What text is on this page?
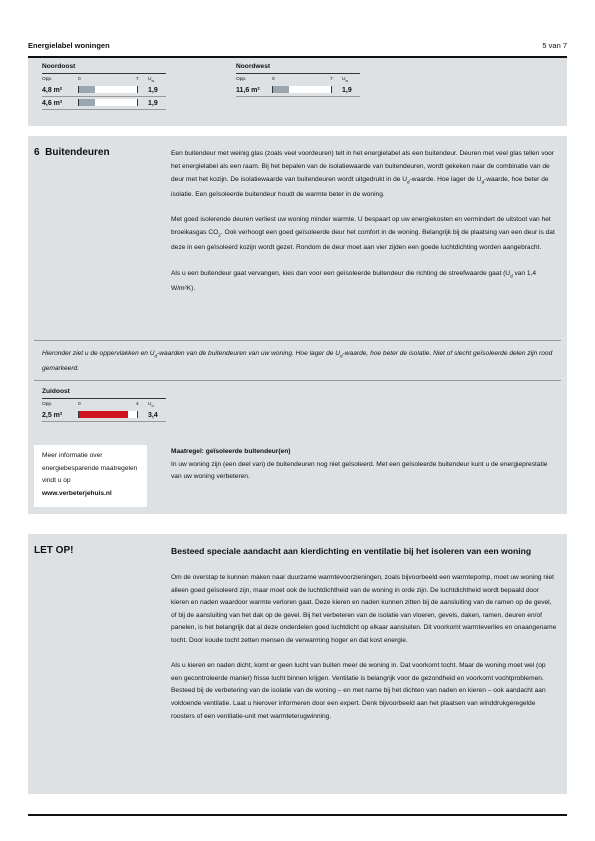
Energielabel woningen	5 van 7
Noordoost
Opp.	0	7 $U_w$
4,8 m²	1,9
4,6 m²	1,9
Noordwest
Opp.	0	7 $U_w$
11,6 m²	1,9
6 Buitendeuren	Een buitendeur met weinig glas (zoals veel voordeuren) telt in het energielabel als een buitendeur. Deuren met veel glas tellen voor het energielabel als een raam. Bij het bepalen van de isolatiewaarde van buitendeuren, wordt gekeken naar de combinatie van de deur met het kozijn. De isolatiewaarde van buitendeuren wordt uitgedrukt in de $U_d$-waarde. Hoe lager de $U_d$-waarde, hoe beter de isolatie. Een geïsoleerde buitendeur houdt de warmte beter in de woning.

Met goed isolerende deuren verliest uw woning minder warmte. U bespaart op uw energiekosten en vermindert de uitstoot van het broeikasgas $CO_2$. Ook verhoogt een goed geïsoleerde deur het comfort in de woning. Belangrijk bij de plaatsing van een deur is dat deze in een geïsoleerd kozijn wordt gezet. Rondom de deur moet aan vier zijden een goede luchtdichting worden aangebracht.

Als u een buitendeur gaat vervangen, kies dan voor een geïsoleerde buitendeur die richting de streefwaarde gaat ($U_d$ van 1,4 W/m²K).

Hieronder ziet u de oppervlakken en $U_d$-waarden van de buitendeuren van uw woning. Hoe lager de $U_d$-waarde, hoe beter de isolatie. Niet of slecht geïsoleerde delen zijn rood gemarkeerd.
Zuidoost
Opp.	0	4 $U_d$
2,5 m²	3,4
Meer informatie over energiebesparende maatregelen vindt u op
www.verbeterjehuis.nl
Maatregel: geïsoleerde buitendeur(en)
In uw woning zijn (een deel van) de buitendeuren nog niet geïsoleerd. Met een geïsoleerde buitendeur kunt u de energieprestatie van uw woning verbeteren.
LET OP!	Besteed speciale aandacht aan kierdichting en ventilatie bij het isoleren van een woning

Om de overstap te kunnen maken naar duurzame warmtevoorzieningen, zoals bijvoorbeeld een warmtepomp, moet uw woning niet alleen goed geïsoleerd zijn, maar moet ook de luchtdichtheid van de woning in orde zijn. De luchtdichtheid wordt bepaald door kieren en naden waardoor warmte verloren gaat. Deze kieren en naden kunnen zitten bij de aansluiting van de ramen op de gevel, of bij de aansluiting van het dak op de gevel. Bij het verbeteren van de isolatie van vloeren, gevels, daken, ramen, deuren en/of panelen, is het belangrijk dat al deze onderdelen goed luchtdicht op elkaar aansluiten. Dit voorkomt warmteverlies en onaangename tocht. Door koude tocht zetten mensen de verwarming hoger en dat kost energie.

Als u kieren en naden dicht, komt er geen lucht van buiten meer de woning in. Dat voorkomt tocht. Maar de woning moet wel (op een gecontroleerde manier) frisse lucht binnen krijgen. Ventilatie is belangrijk voor de gezondheid en voorkomt vochtproblemen. Besteed bij de verbetering van de isolatie van de woning – en met name bij het dichten van naden en kieren – ook aandacht aan voldoende ventilatie. Laat u hierover informeren door een expert. Denk bijvoorbeeld aan het plaatsen van winddrukgeregelde roosters of een ventilatie-unit met warmteterugwinning.
